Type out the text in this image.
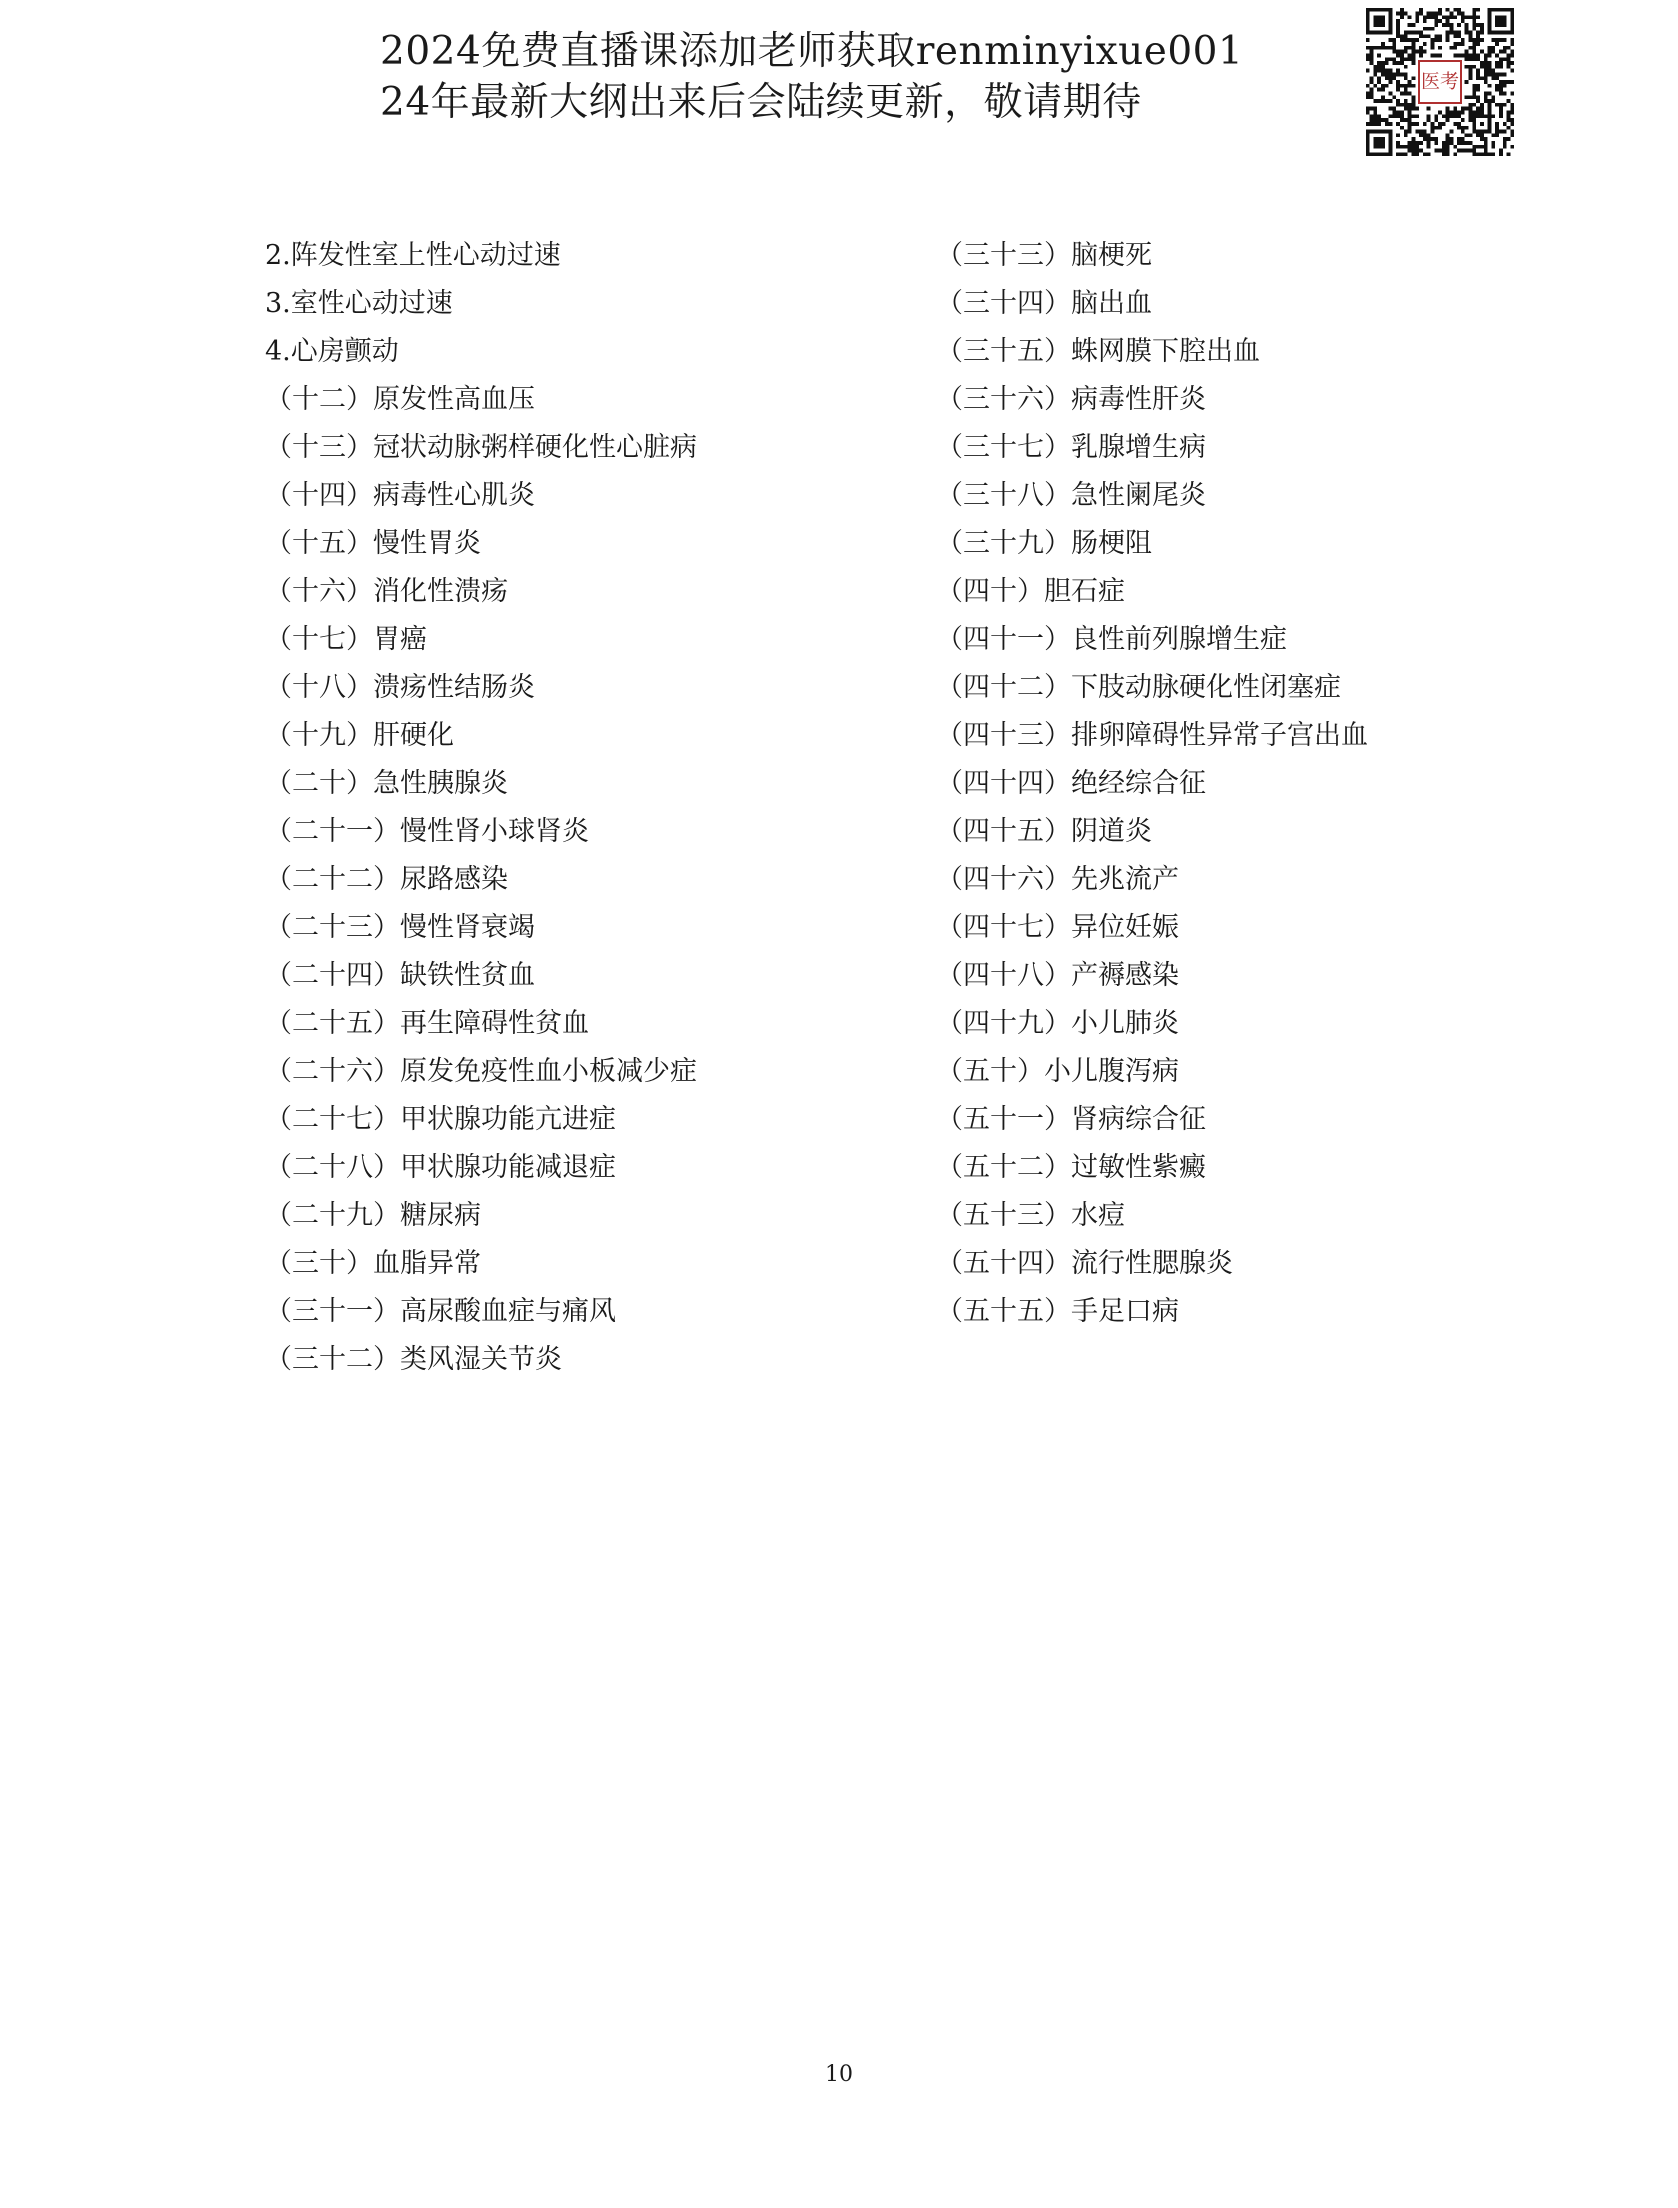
2024免费直播课添加老师获取renminyixue001
24年最新大纲出来后会陆续更新，敬请期待	医考
2.阵发性室上性心动过速
3.室性心动过速
4.心房颤动
（十二）原发性高血压
（十三）冠状动脉粥样硬化性心脏病
（十四）病毒性心肌炎
（十五）慢性胃炎
（十六）消化性溃疡
（十七）胃癌
（十八）溃疡性结肠炎
（十九）肝硬化
（二十）急性胰腺炎
（二十一）慢性肾小球肾炎
（二十二）尿路感染
（二十三）慢性肾衰竭
（二十四）缺铁性贫血
（二十五）再生障碍性贫血
（二十六）原发免疫性血小板减少症
（二十七）甲状腺功能亢进症
（二十八）甲状腺功能减退症
（二十九）糖尿病
（三十）血脂异常
（三十一）高尿酸血症与痛风
（三十二）类风湿关节炎
（三十三）脑梗死
（三十四）脑出血
（三十五）蛛网膜下腔出血
（三十六）病毒性肝炎
（三十七）乳腺增生病
（三十八）急性阑尾炎
（三十九）肠梗阻
（四十）胆石症
（四十一）良性前列腺增生症
（四十二）下肢动脉硬化性闭塞症
（四十三）排卵障碍性异常子宫出血
（四十四）绝经综合征
（四十五）阴道炎
（四十六）先兆流产
（四十七）异位妊娠
（四十八）产褥感染
（四十九）小儿肺炎
（五十）小儿腹泻病
（五十一）肾病综合征
（五十二）过敏性紫癜
（五十三）水痘
（五十四）流行性腮腺炎
（五十五）手足口病
10
